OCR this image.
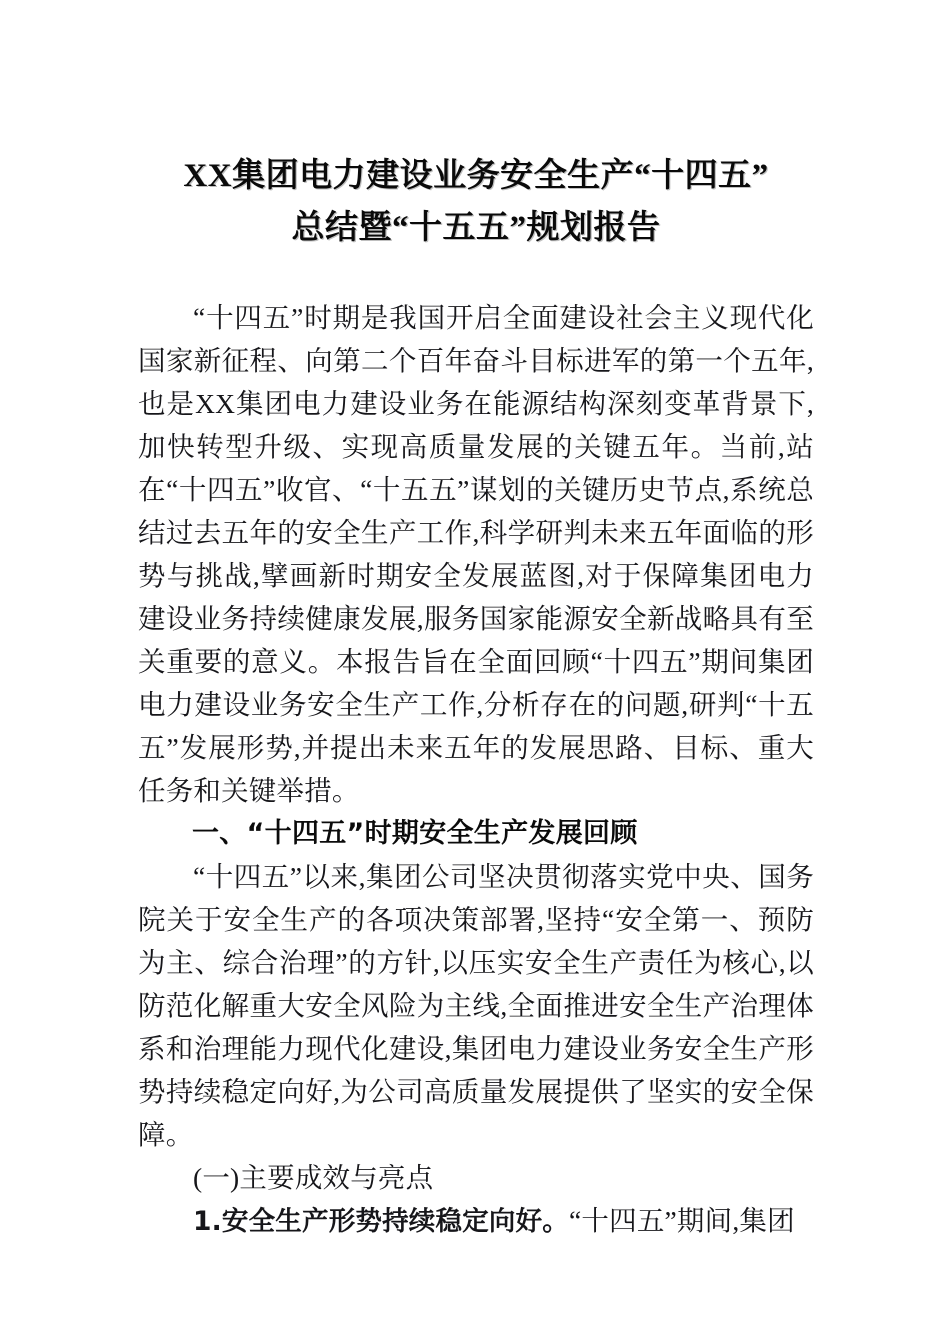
XX集团电力建设业务安全生产“十四五”
总结暨“十五五”规划报告

“十四五”时期是我国开启全面建设社会主义现代化国家新征程、向第二个百年奋斗目标进军的第一个五年,也是XX集团电力建设业务在能源结构深刻变革背景下,加快转型升级、实现高质量发展的关键五年。当前,站在“十四五”收官、“十五五”谋划的关键历史节点,系统总结过去五年的安全生产工作,科学研判未来五年面临的形势与挑战,擘画新时期安全发展蓝图,对于保障集团电力建设业务持续健康发展,服务国家能源安全新战略具有至关重要的意义。本报告旨在全面回顾“十四五”期间集团电力建设业务安全生产工作,分析存在的问题,研判“十五五”发展形势,并提出未来五年的发展思路、目标、重大任务和关键举措。

一、“十四五”时期安全生产发展回顾

“十四五”以来,集团公司坚决贯彻落实党中央、国务院关于安全生产的各项决策部署,坚持“安全第一、预防为主、综合治理”的方针,以压实安全生产责任为核心,以防范化解重大安全风险为主线,全面推进安全生产治理体系和治理能力现代化建设,集团电力建设业务安全生产形势持续稳定向好,为公司高质量发展提供了坚实的安全保障。

(一)主要成效与亮点

1.安全生产形势持续稳定向好。“十四五”期间,集团
